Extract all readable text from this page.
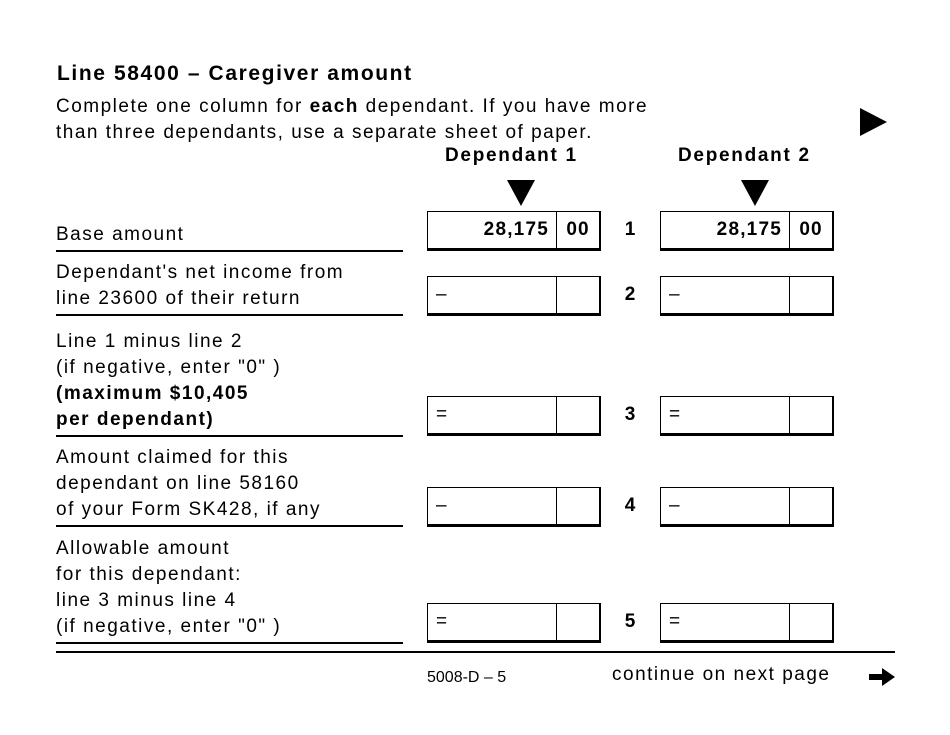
Line 58400 – Caregiver amount
Complete one column for each dependant. If you have more
than three dependants, use a separate sheet of paper.
Dependant 1	Dependant 2
Base amount	28,175 00	28,175 00
1
Dependant's net income from
line 23600 of their return	–	–
2
Line 1 minus line 2
(if negative, enter "0" )
(maximum $10,405
per dependant)	=	=
3
Amount claimed for this
dependant on line 58160
of your Form SK428, if any	–	–
4
Allowable amount
for this dependant:
line 3 minus line 4
(if negative, enter "0" )	=	=
5
5008-D – 5	continue on next page
